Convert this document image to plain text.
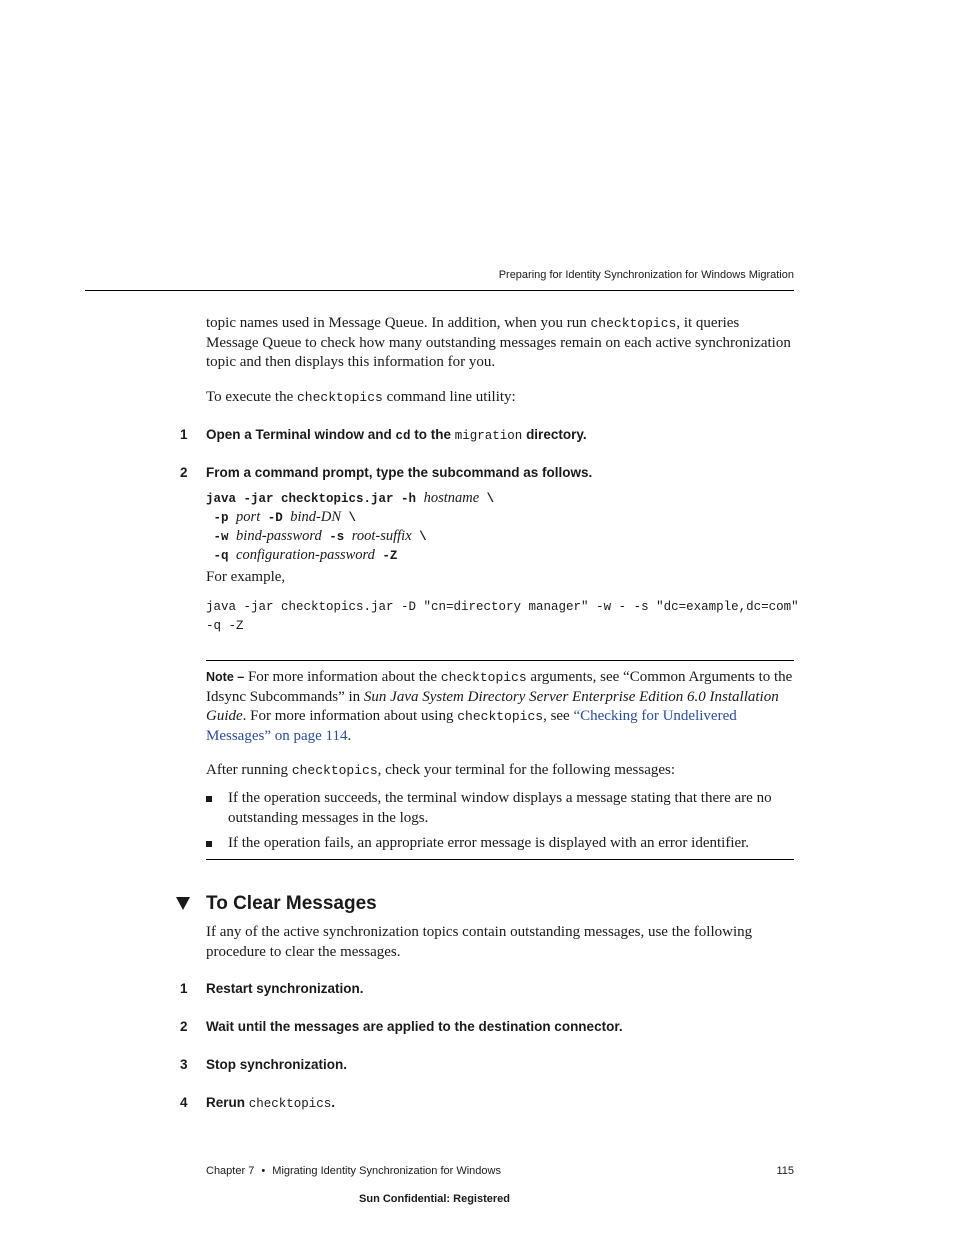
Preparing for Identity Synchronization for Windows Migration

topic names used in Message Queue. In addition, when you run checktopics, it queries Message Queue to check how many outstanding messages remain on each active synchronization topic and then displays this information for you.

To execute the checktopics command line utility:

1 Open a Terminal window and cd to the migration directory.
2 From a command prompt, type the subcommand as follows.
java -jar checktopics.jar -h hostname \
-p port -D bind-DN \
-w bind-password -s root-suffix \
-q configuration-password -Z

For example,

java -jar checktopics.jar -D "cn=directory manager" -w - -s "dc=example,dc=com"
-q -Z

Note – For more information about the checktopics arguments, see “Common Arguments to the Idsync Subcommands” in Sun Java System Directory Server Enterprise Edition 6.0 Installation Guide. For more information about using checktopics, see “Checking for Undelivered Messages” on page 114.

After running checktopics, check your terminal for the following messages:

If the operation succeeds, the terminal window displays a message stating that there are no outstanding messages in the logs.

If the operation fails, an appropriate error message is displayed with an error identifier.

To Clear Messages

If any of the active synchronization topics contain outstanding messages, use the following procedure to clear the messages.

1 Restart synchronization.
2 Wait until the messages are applied to the destination connector.
3 Stop synchronization.
4 Rerun checktopics.
Chapter 7 • Migrating Identity Synchronization for Windows	115
Sun Confidential: Registered
